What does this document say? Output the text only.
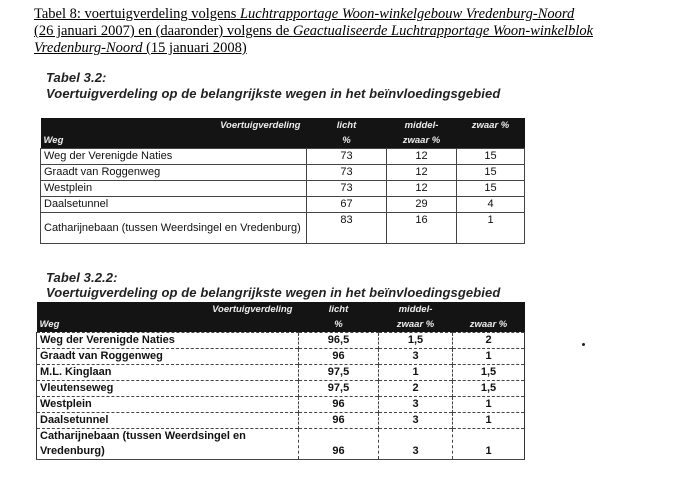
Tabel 8: voertuigverdeling volgens Luchtrapportage Woon-winkelgebouw Vredenburg-Noord
(26 januari 2007) en (daaronder) volgens de Geactualiseerde Luchtrapportage Woon-winkelblok
Vredenburg-Noord (15 januari 2008)
Tabel 3.2:
Voertuigverdeling op de belangrijkste wegen in het beïnvloedingsgebied
Voertuigverdeling	licht	middel-	zwaar %
Weg	%	zwaar %	
Weg der Verenigde Naties	73	12	15
Graadt van Roggenweg	73	12	15
Westplein	73	12	15
Daalsetunnel	67	29	4
Catharijnebaan (tussen Weerdsingel en Vredenburg)	83	16	1
Tabel 3.2.2:
Voertuigverdeling op de belangrijkste wegen in het beïnvloedingsgebied
Voertuigverdeling	licht	middel-	
Weg	%	zwaar %	zwaar %
Weg der Verenigde Naties	96,5	1,5	2
Graadt van Roggenweg	96	3	1
M.L. Kinglaan	97,5	1	1,5
Vleutenseweg	97,5	2	1,5
Westplein	96	3	1
Daalsetunnel	96	3	1
Catharijnebaan (tussen Weerdsingel en Vredenburg)	96	3	1
